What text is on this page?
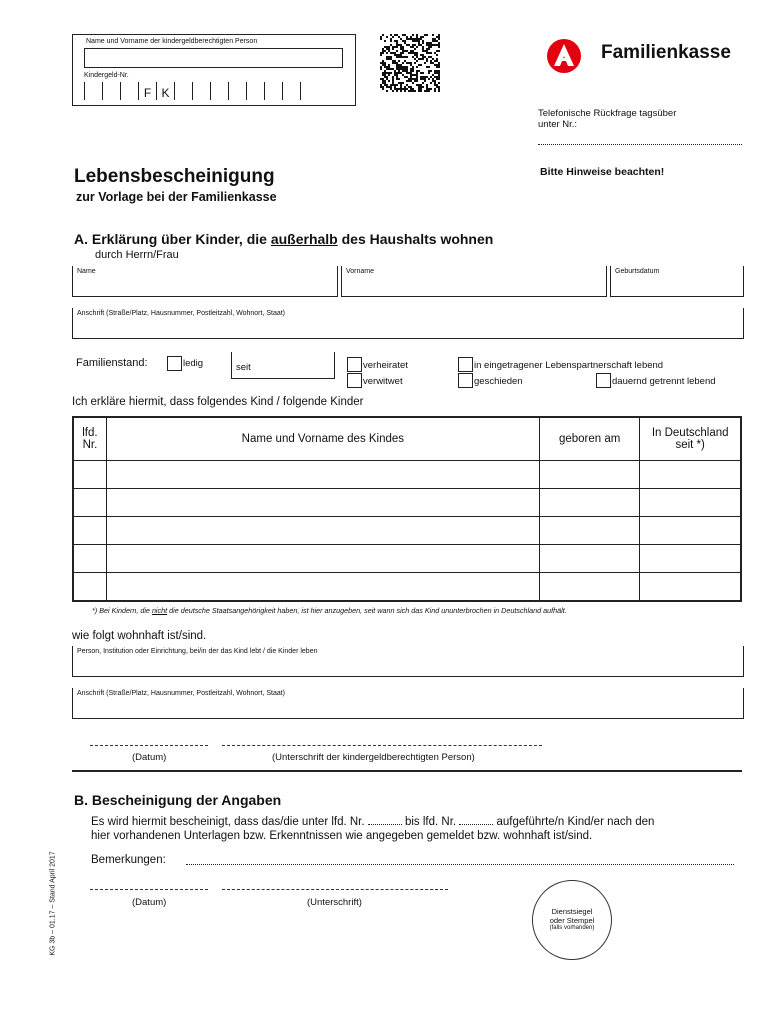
Name und Vorname der kindergeldberechtigten Person
Kindergeld-Nr.
F K
Familienkasse
Telefonische Rückfrage tagsüber
unter Nr.:
Bitte Hinweise beachten!
Lebensbescheinigung
zur Vorlage bei der Familienkasse
A. Erklärung über Kinder, die außerhalb des Haushalts wohnen
durch Herrn/Frau
Name	Vorname	Geburtsdatum
Anschrift (Straße/Platz, Hausnummer, Postleitzahl, Wohnort, Staat)
Familienstand:	ledig	seit	verheiratet
verwitwet
in eingetragener Lebenspartnerschaft lebend
geschieden	dauernd getrennt lebend
Ich erkläre hiermit, dass folgendes Kind / folgende Kinder
lfd. Nr.	Name und Vorname des Kindes	geboren am	In Deutschland
seit *)

*) Bei Kindern, die nicht die deutsche Staatsangehörigkeit haben, ist hier anzugeben, seit wann sich das Kind ununterbrochen in Deutschland aufhält.
wie folgt wohnhaft ist/sind.
Person, Institution oder Einrichtung, bei/in der das Kind lebt / die Kinder leben
Anschrift (Straße/Platz, Hausnummer, Postleitzahl, Wohnort, Staat)
(Datum)	(Unterschrift der kindergeldberechtigten Person)
B. Bescheinigung der Angaben
Es wird hiermit bescheinigt, dass das/die unter lfd. Nr.	bis lfd. Nr.	aufgeführte/n Kind/er nach den
hier vorhandenen Unterlagen bzw. Erkenntnissen wie angegeben gemeldet bzw. wohnhaft ist/sind.
Bemerkungen:
(Datum)	(Unterschrift)
Dienstsiegel
oder Stempel
(falls vorhanden)
KG 3b – 01.17 – Stand April 2017
